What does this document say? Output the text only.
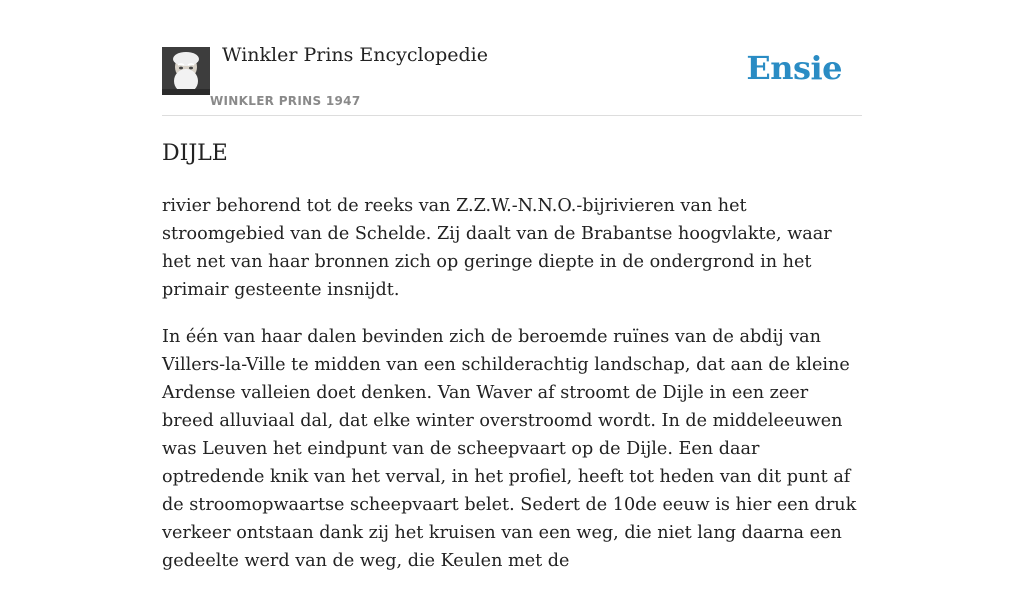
Winkler Prins Encyclopedie
WINKLER PRINS 1947
Ensie
DIJLE

rivier behorend tot de reeks van Z.Z.W.-N.N.O.-bijrivieren van het stroomgebied van de Schelde. Zij daalt van de Brabantse hoogvlakte, waar het net van haar bronnen zich op geringe diepte in de ondergrond in het primair gesteente insnijdt.

In één van haar dalen bevinden zich de beroemde ruïnes van de abdij van Villers-la-Ville te midden van een schilderachtig landschap, dat aan de kleine Ardense valleien doet denken. Van Waver af stroomt de Dijle in een zeer breed alluviaal dal, dat elke winter overstroomd wordt. In de middeleeuwen was Leuven het eindpunt van de scheepvaart op de Dijle. Een daar optredende knik van het verval, in het profiel, heeft tot heden van dit punt af de stroomopwaartse scheepvaart belet. Sedert de 10de eeuw is hier een druk verkeer ontstaan dank zij het kruisen van een weg, die niet lang daarna een gedeelte werd van de weg, die Keulen met de
